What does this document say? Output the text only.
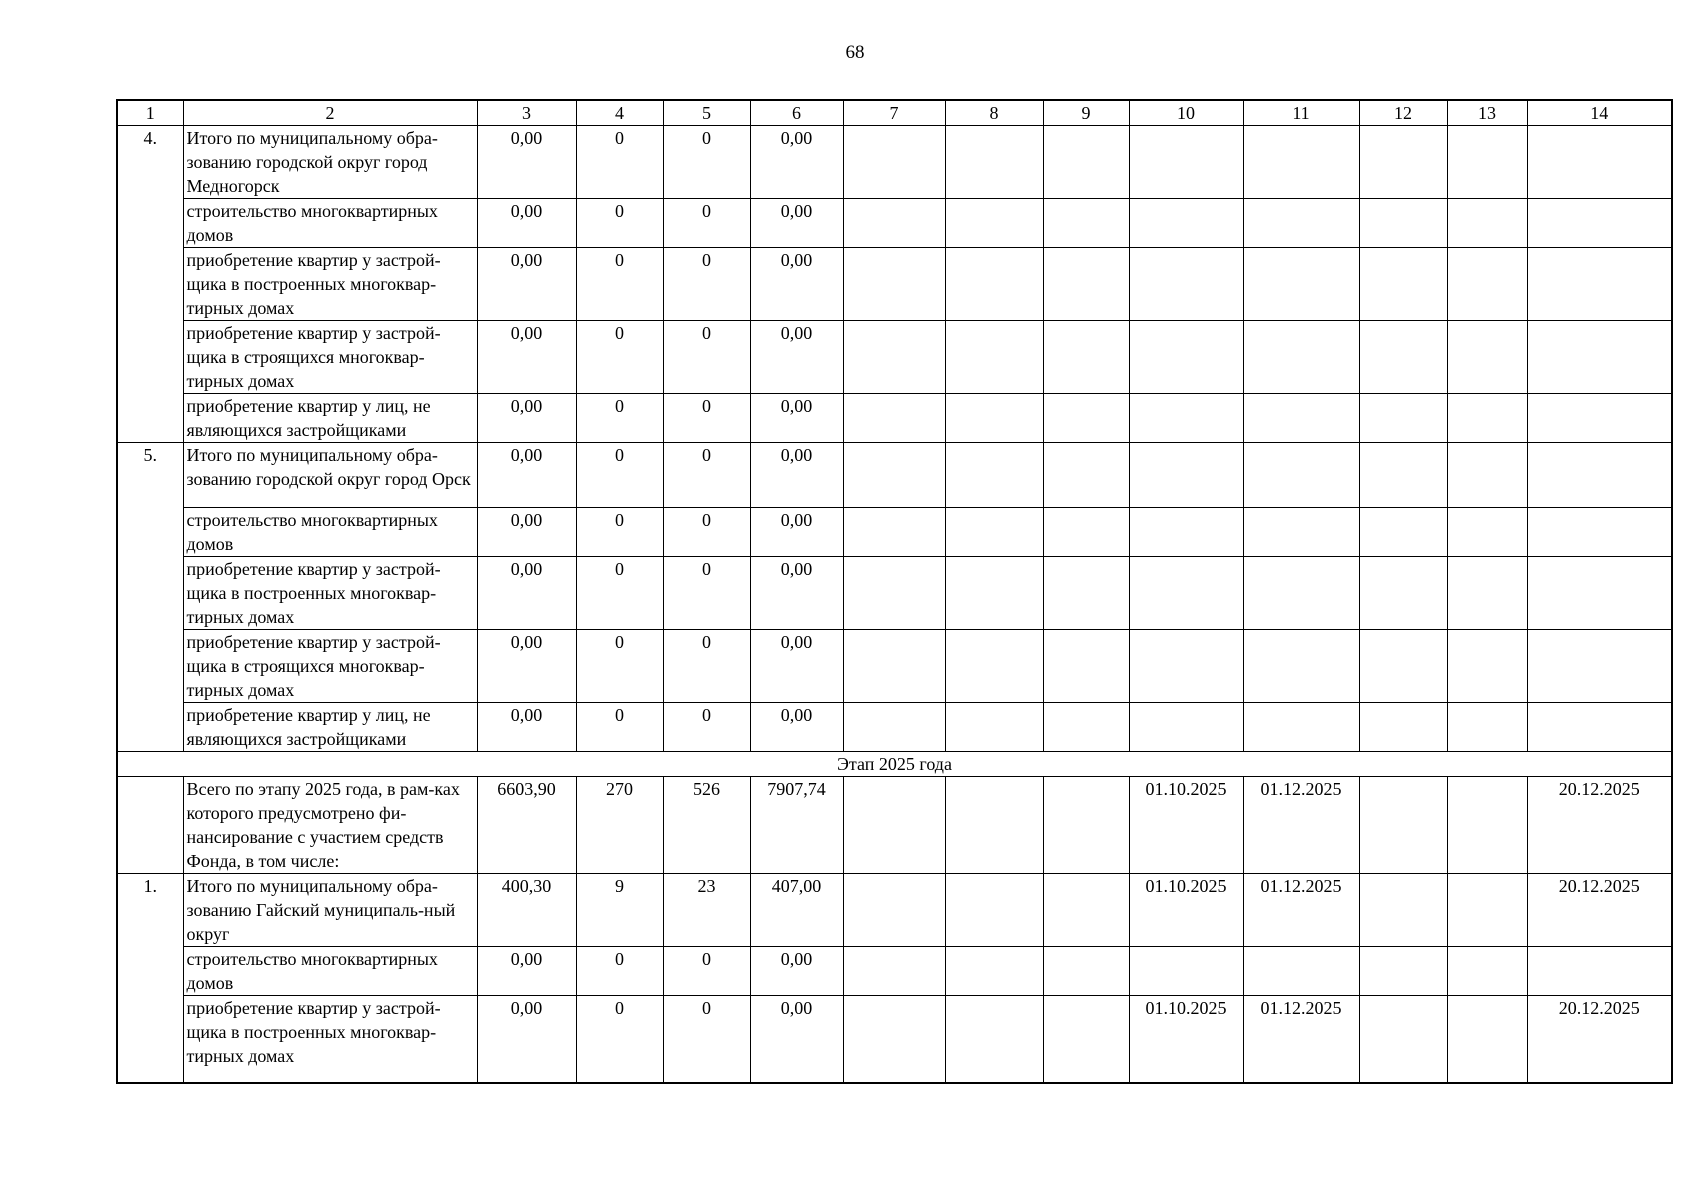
68
1	2	3	4	5	6	7	8	9	10	11	12	13	14
4.	Итого по муниципальному обра-зованию городской округ город Медногорск	0,00	0	0	0,00								
	строительство многоквартирных домов	0,00	0	0	0,00								
	приобретение квартир у застрой-щика в построенных многоквар-тирных домах	0,00	0	0	0,00								
	приобретение квартир у застрой-щика в строящихся многоквар-тирных домах	0,00	0	0	0,00								
	приобретение квартир у лиц, не являющихся застройщиками	0,00	0	0	0,00								
5.	Итого по муниципальному обра-зованию городской округ город Орск	0,00	0	0	0,00								
	строительство многоквартирных домов	0,00	0	0	0,00								
	приобретение квартир у застрой-щика в построенных многоквар-тирных домах	0,00	0	0	0,00								
	приобретение квартир у застрой-щика в строящихся многоквар-тирных домах	0,00	0	0	0,00								
	приобретение квартир у лиц, не являющихся застройщиками	0,00	0	0	0,00								
Этап 2025 года													
	Всего по этапу 2025 года, в рам-ках которого предусмотрено фи-нансирование с участием средств Фонда, в том числе:	6603,90	270	526	7907,74				01.10.2025	01.12.2025			20.12.2025
1.	Итого по муниципальному обра-зованию Гайский муниципаль-ный округ	400,30	9	23	407,00				01.10.2025	01.12.2025			20.12.2025
	строительство многоквартирных домов	0,00	0	0	0,00								
	приобретение квартир у застрой-щика в построенных многоквар-тирных домах	0,00	0	0	0,00				01.10.2025	01.12.2025			20.12.2025
